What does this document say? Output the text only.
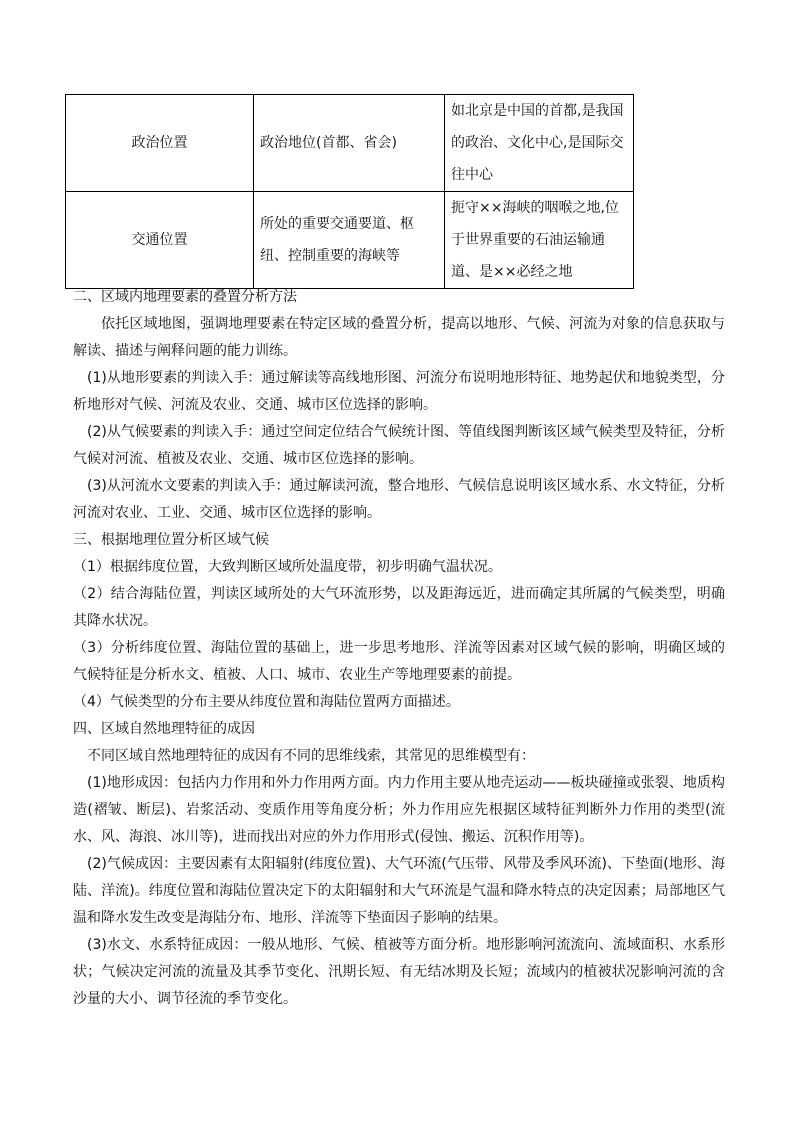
政治位置	政治地位(首都、省会)	如北京是中国的首都,是我国的政治、文化中心,是国际交往中心
交通位置	所处的重要交通要道、枢纽、控制重要的海峡等	扼守××海峡的咽喉之地,位于世界重要的石油运输通道、是××必经之地

二、区域内地理要素的叠置分析方法

依托区域地图，强调地理要素在特定区域的叠置分析，提高以地形、气候、河流为对象的信息获取与解读、描述与阐释问题的能力训练。

(1)从地形要素的判读入手：通过解读等高线地形图、河流分布说明地形特征、地势起伏和地貌类型，分析地形对气候、河流及农业、交通、城市区位选择的影响。

(2)从气候要素的判读入手：通过空间定位结合气候统计图、等值线图判断该区域气候类型及特征，分析气候对河流、植被及农业、交通、城市区位选择的影响。

(3)从河流水文要素的判读入手：通过解读河流，整合地形、气候信息说明该区域水系、水文特征，分析河流对农业、工业、交通、城市区位选择的影响。

三、根据地理位置分析区域气候

（1）根据纬度位置，大致判断区域所处温度带，初步明确气温状况。

（2）结合海陆位置，判读区域所处的大气环流形势，以及距海远近，进而确定其所属的气候类型，明确其降水状况。

（3）分析纬度位置、海陆位置的基础上，进一步思考地形、洋流等因素对区域气候的影响，明确区域的气候特征是分析水文、植被、人口、城市、农业生产等地理要素的前提。

（4）气候类型的分布主要从纬度位置和海陆位置两方面描述。

四、区域自然地理特征的成因

不同区域自然地理特征的成因有不同的思维线索，其常见的思维模型有：

(1)地形成因：包括内力作用和外力作用两方面。内力作用主要从地壳运动——板块碰撞或张裂、地质构造(褶皱、断层)、岩浆活动、变质作用等角度分析；外力作用应先根据区域特征判断外力作用的类型(流水、风、海浪、冰川等)，进而找出对应的外力作用形式(侵蚀、搬运、沉积作用等)。

(2)气候成因：主要因素有太阳辐射(纬度位置)、大气环流(气压带、风带及季风环流)、下垫面(地形、海陆、洋流)。纬度位置和海陆位置决定下的太阳辐射和大气环流是气温和降水特点的决定因素；局部地区气温和降水发生改变是海陆分布、地形、洋流等下垫面因子影响的结果。

(3)水文、水系特征成因：一般从地形、气候、植被等方面分析。地形影响河流流向、流域面积、水系形状；气候决定河流的流量及其季节变化、汛期长短、有无结冰期及长短；流域内的植被状况影响河流的含沙量的大小、调节径流的季节变化。
